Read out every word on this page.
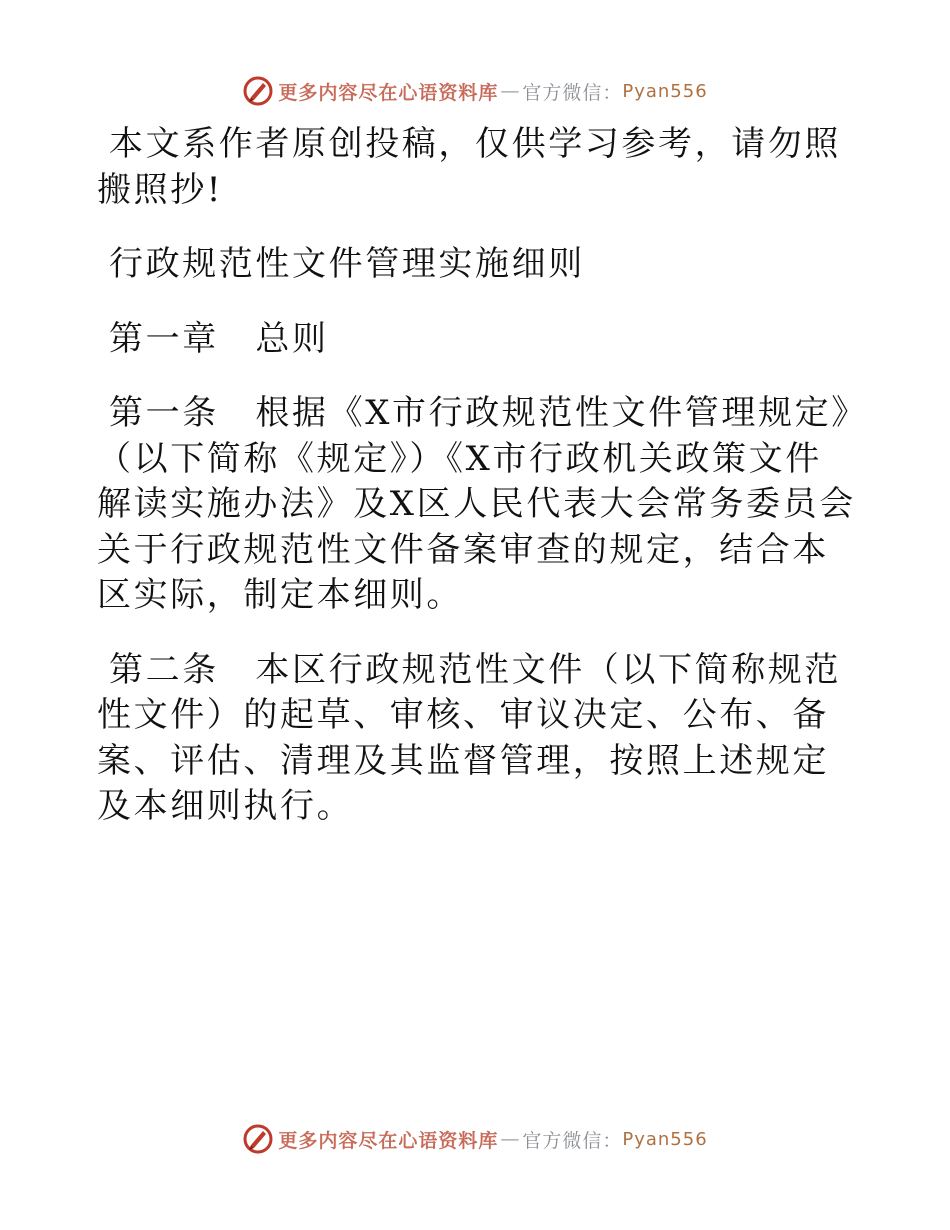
更多内容尽在心语资料库 — 官方微信： Pyan556

本文系作者原创投稿，仅供学习参考，请勿照搬照抄!

行政规范性文件管理实施细则

第一章　总则

第一条　根据《X市行政规范性文件管理规定》（以下简称《规定》）《X市行政机关政策文件解读实施办法》及X区人民代表大会常务委员会关于行政规范性文件备案审查的规定，结合本区实际，制定本细则。

第二条　本区行政规范性文件（以下简称规范性文件）的起草、审核、审议决定、公布、备案、评估、清理及其监督管理，按照上述规定及本细则执行。

更多内容尽在心语资料库 — 官方微信： Pyan556
